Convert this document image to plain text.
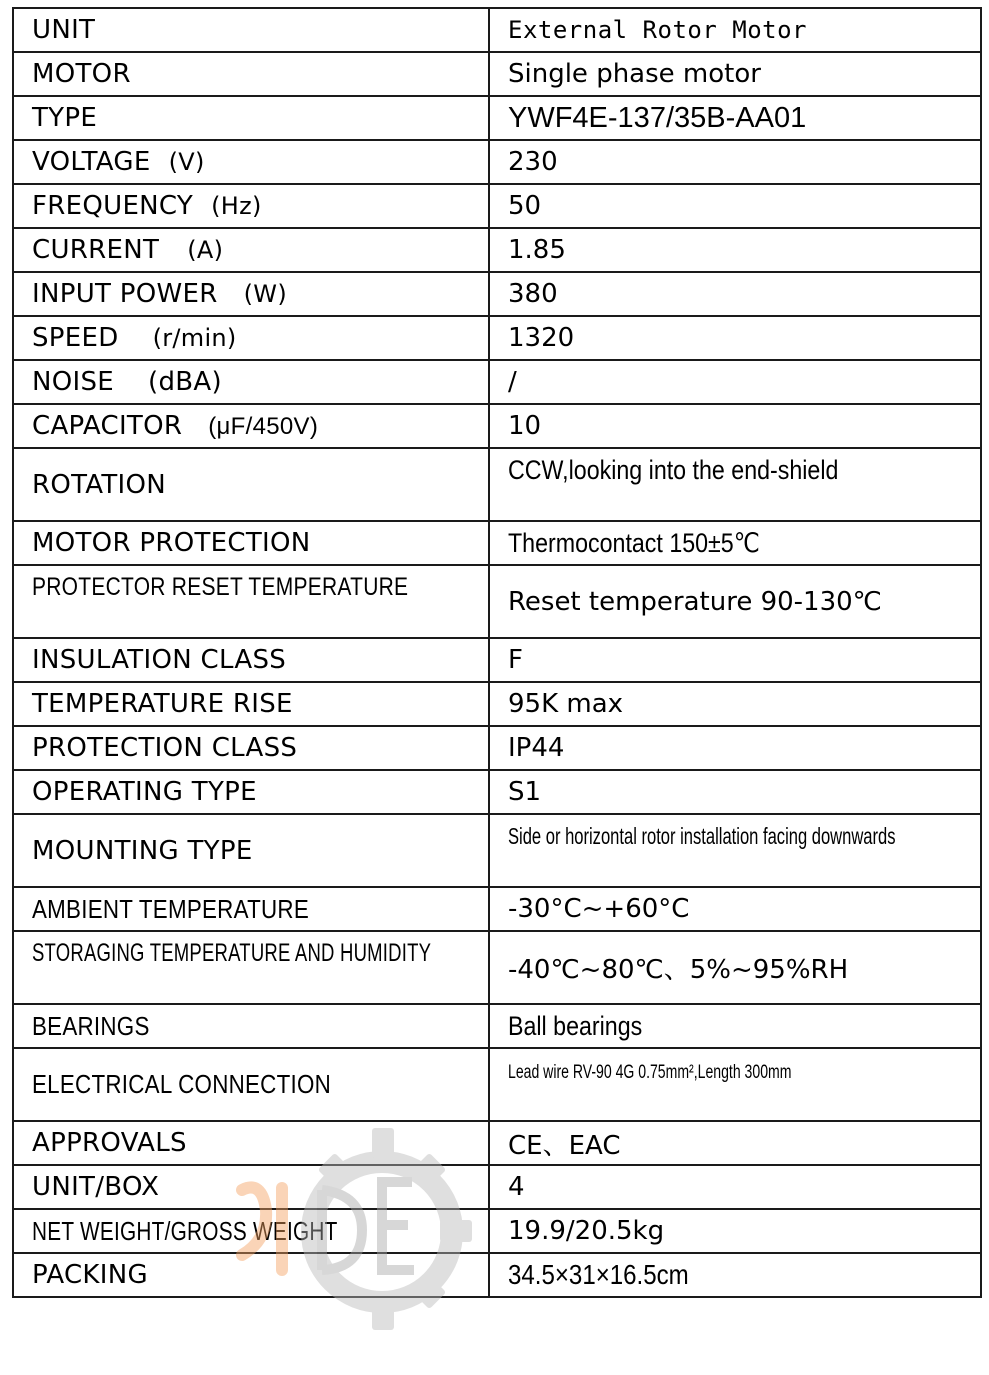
UNIT	External Rotor Motor
MOTOR	Single phase motor
TYPE	YWF4E-137/35B-AA01
VOLTAGE (V)	230
FREQUENCY (Hz)	50
CURRENT (A)	1.85
INPUT POWER (W)	380
SPEED (r/min)	1320
NOISE (dBA)	/
CAPACITOR (μF/450V)	10
ROTATION	CCW,looking into the end-shield
MOTOR PROTECTION	Thermocontact 150±5℃
PROTECTOR RESET TEMPERATURE	Reset temperature 90-130℃
INSULATION CLASS	F
TEMPERATURE RISE	95K max
PROTECTION CLASS	IP44
OPERATING TYPE	S1
MOUNTING TYPE	Side or horizontal rotor installation facing downwards
AMBIENT TEMPERATURE	-30°C~+60°C
STORAGING TEMPERATURE AND HUMIDITY	-40℃~80℃、5%~95%RH
BEARINGS	Ball bearings
ELECTRICAL CONNECTION	Lead wire RV-90 4G 0.75mm²,Length 300mm
APPROVALS	CE、EAC
UNIT/BOX	4
NET WEIGHT/GROSS WEIGHT	19.9/20.5kg
PACKING	34.5×31×16.5cm
